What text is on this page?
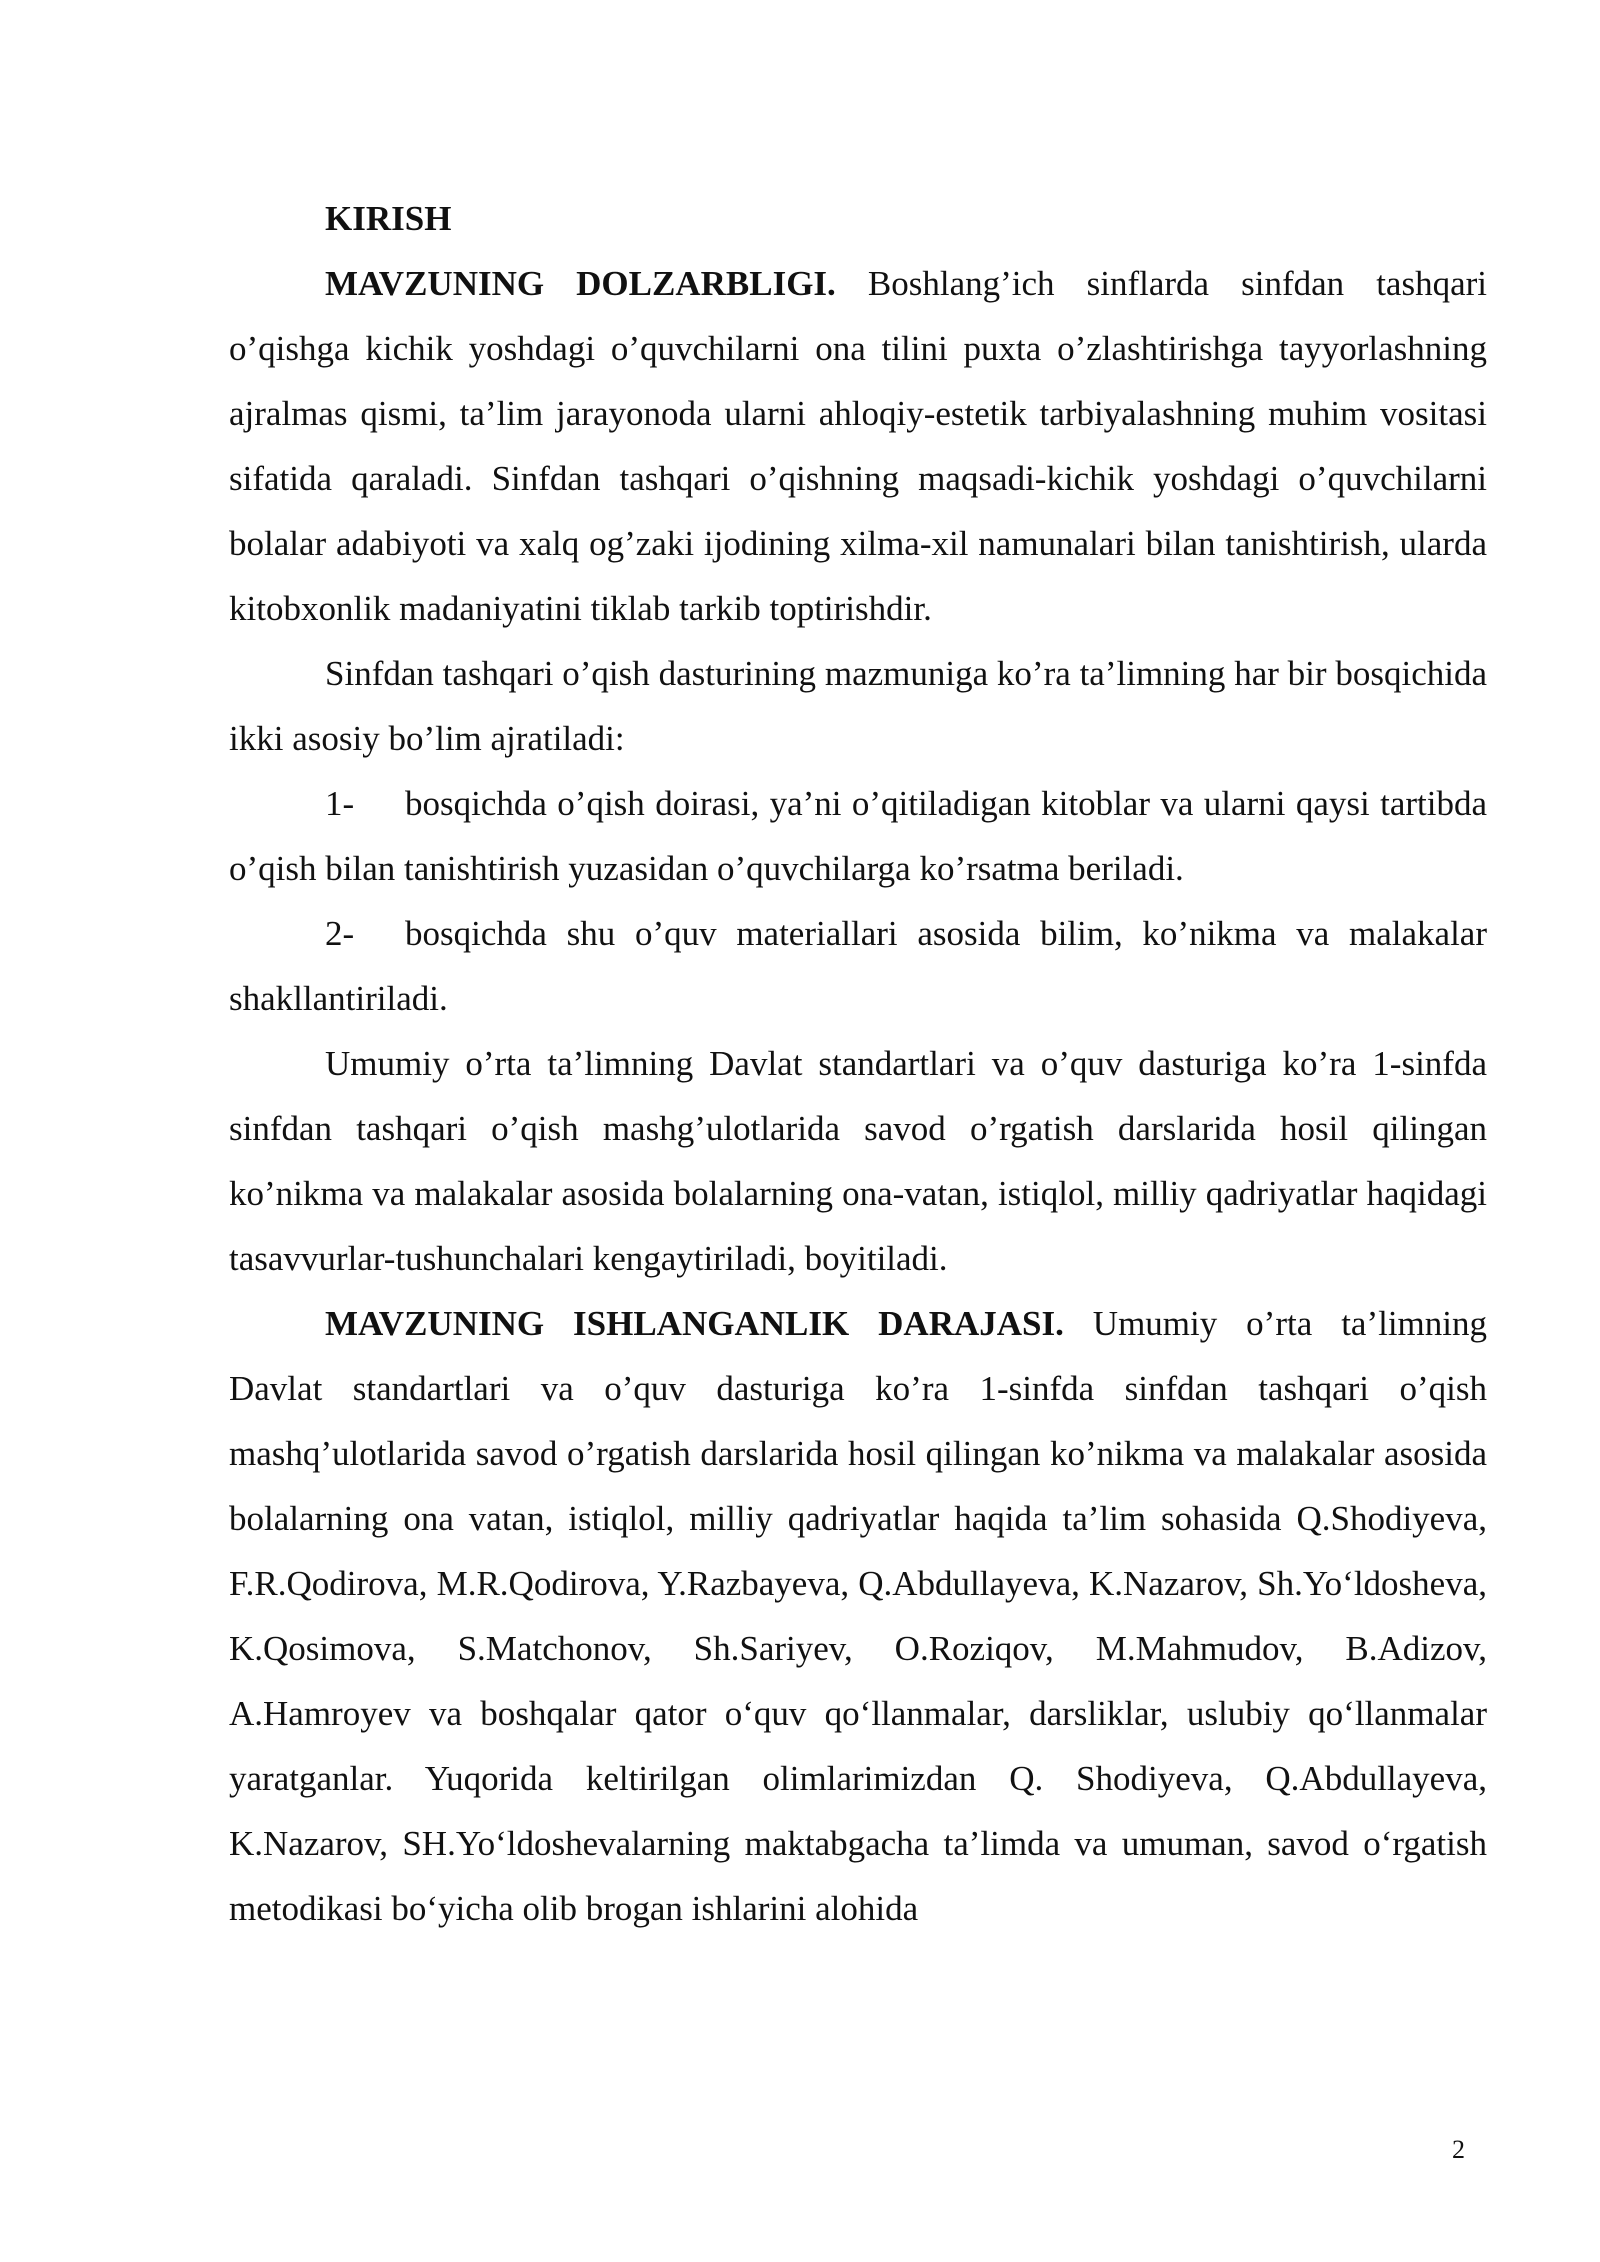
KIRISH

MAVZUNING DOLZARBLIGI. Boshlang’ich sinflarda sinfdan tashqari o’qishga kichik yoshdagi o’quvchilarni ona tilini puxta o’zlashtirishga tayyorlashning ajralmas qismi, ta’lim jarayonoda ularni ahloqiy-estetik tarbiyalashning muhim vositasi sifatida qaraladi. Sinfdan tashqari o’qishning maqsadi-kichik yoshdagi o’quvchilarni bolalar adabiyoti va xalq og’zaki ijodining xilma-xil namunalari bilan tanishtirish, ularda kitobxonlik madaniyatini tiklab tarkib toptirishdir.

Sinfdan tashqari o’qish dasturining mazmuniga ko’ra ta’limning har bir bosqichida ikki asosiy bo’lim ajratiladi:

1- bosqichda o’qish doirasi, ya’ni o’qitiladigan kitoblar va ularni qaysi tartibda o’qish bilan tanishtirish yuzasidan o’quvchilarga ko’rsatma beriladi.

2- bosqichda shu o’quv materiallari asosida bilim, ko’nikma va malakalar shakllantiriladi.

Umumiy o’rta ta’limning Davlat standartlari va o’quv dasturiga ko’ra 1-sinfda sinfdan tashqari o’qish mashg’ulotlarida savod o’rgatish darslarida hosil qilingan ko’nikma va malakalar asosida bolalarning ona-vatan, istiqlol, milliy qadriyatlar haqidagi tasavvurlar-tushunchalari kengaytiriladi, boyitiladi.

MAVZUNING ISHLANGANLIK DARAJASI. Umumiy o’rta ta’limning Davlat standartlari va o’quv dasturiga ko’ra 1-sinfda sinfdan tashqari o’qish mashq’ulotlarida savod o’rgatish darslarida hosil qilingan ko’nikma va malakalar asosida bolalarning ona vatan, istiqlol, milliy qadriyatlar haqida ta’lim sohasida Q.Shodiyeva, F.R.Qodirova, M.R.Qodirova, Y.Razbayeva, Q.Abdullayeva, K.Nazarov, Sh.Yo‘ldosheva, K.Qosimova, S.Matchonov, Sh.Sariyev, O.Roziqov, M.Mahmudov, B.Adizov, A.Hamroyev va boshqalar qator o‘quv qo‘llanmalar, darsliklar, uslubiy qo‘llanmalar yaratganlar. Yuqorida keltirilgan olimlarimizdan Q. Shodiyeva, Q.Abdullayeva, K.Nazarov, SH.Yo‘ldoshevalarning maktabgacha ta’limda va umuman, savod o‘rgatish metodikasi bo‘yicha olib brogan ishlarini alohida

2
